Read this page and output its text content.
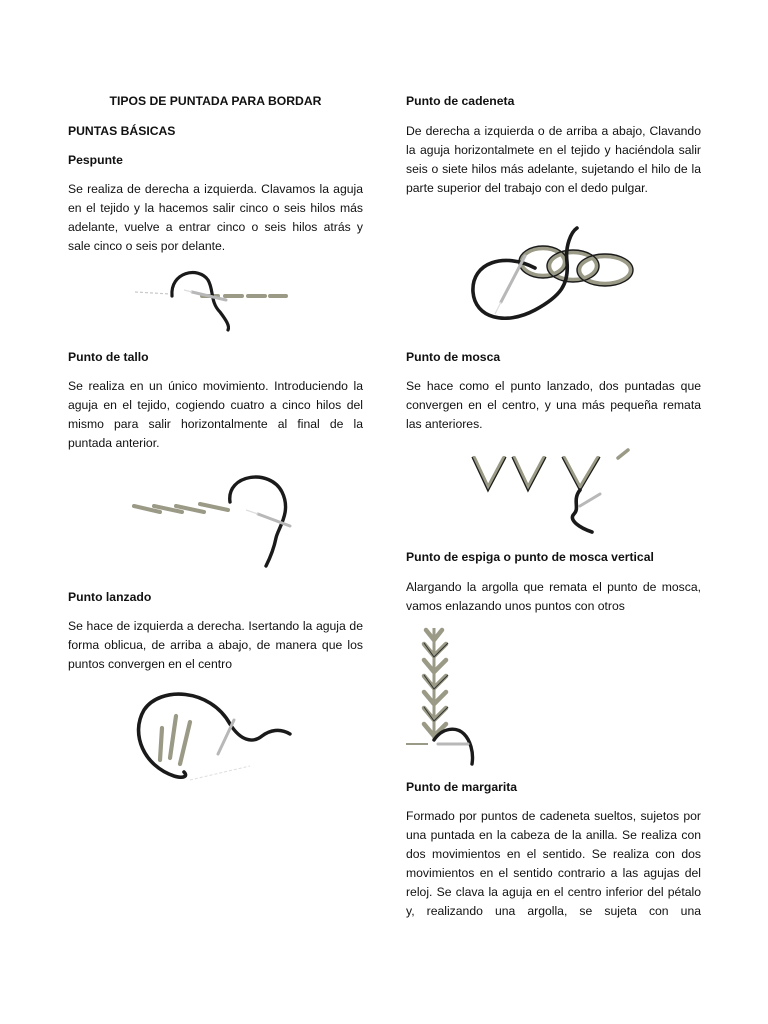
TIPOS DE PUNTADA PARA BORDAR

PUNTAS BÁSICAS

Pespunte

Se realiza de derecha a izquierda. Clavamos la aguja en el tejido y la hacemos salir cinco o seis hilos más adelante, vuelve a entrar cinco o seis hilos atrás y sale cinco o seis por delante.

Punto de tallo

Se realiza en un único movimiento. Introduciendo la aguja en el tejido, cogiendo cuatro a cinco hilos del mismo para salir horizontalmente al final de la puntada anterior.

Punto lanzado

Se hace de izquierda a derecha. Isertando la aguja de forma oblicua, de arriba a abajo, de manera que los puntos convergen en el centro

Punto de cadeneta

De derecha a izquierda o de arriba a abajo, Clavando la aguja horizontalmete en el tejido y haciéndola salir seis o siete hilos más adelante, sujetando el hilo de la parte superior del trabajo con el dedo pulgar.

Punto de mosca

Se hace como el punto lanzado, dos puntadas que convergen en el centro, y una más pequeña remata las anteriores.

Punto de espiga o punto de mosca vertical

Alargando la argolla que remata el punto de mosca, vamos enlazando unos puntos con otros

Punto de margarita

Formado por puntos de cadeneta sueltos, sujetos por una puntada en la cabeza de la anilla. Se realiza con dos movimientos en el sentido. Se realiza con dos movimientos en el sentido contrario a las agujas del reloj. Se clava la aguja en el centro inferior del pétalo y, realizando una argolla, se sujeta con una
